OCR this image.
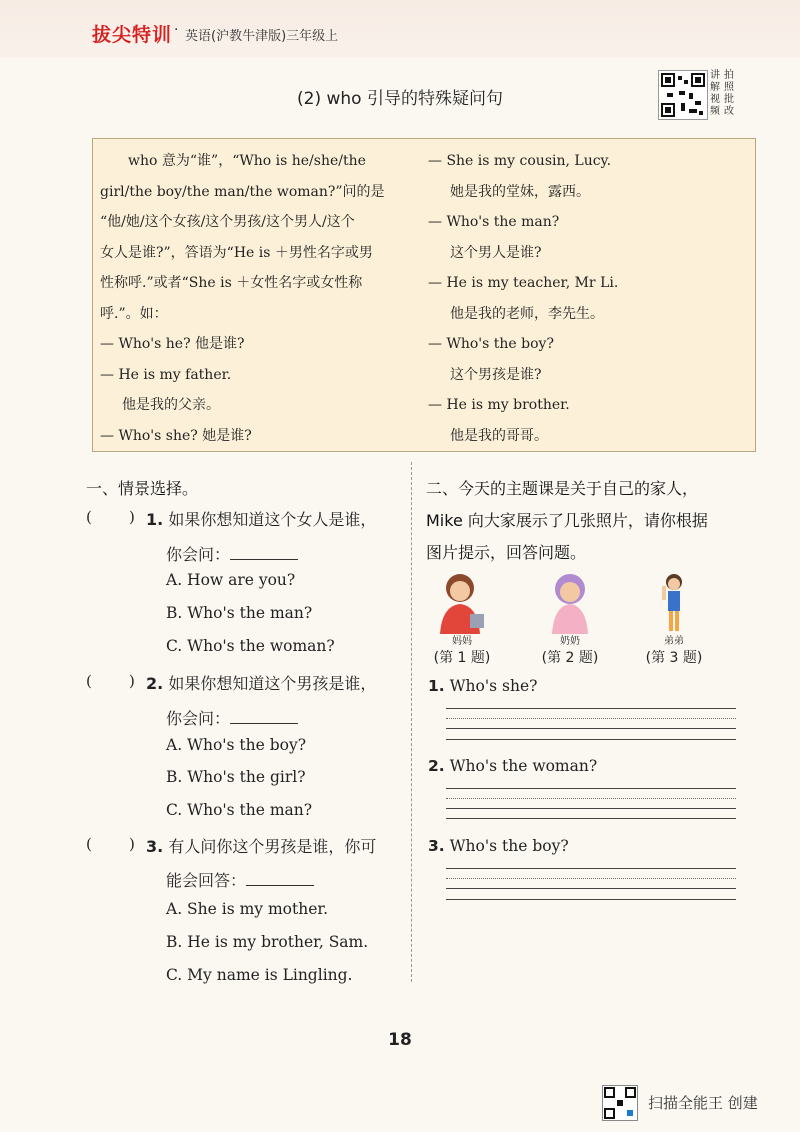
拔尖特训 · 英语(沪教牛津版)三年级上
(2) who 引导的特殊疑问句
讲
解
视
频
拍
照
批
改

who 意为“谁”，“Who is he/she/the

girl/the boy/the man/the woman?”问的是

“他/她/这个女孩/这个男孩/这个男人/这个

女人是谁?”，答语为“He is ＋男性名字或男

性称呼.”或者“She is ＋女性名字或女性称

呼.”。如：

— Who's he? 他是谁?

— He is my father.

他是我的父亲。

— Who's she? 她是谁?

— She is my cousin, Lucy.

她是我的堂妹，露西。

— Who's the man?

这个男人是谁?

— He is my teacher, Mr Li.

他是我的老师，李先生。

— Who's the boy?

这个男孩是谁?

— He is my brother.

他是我的哥哥。

一、情景选择。
( ) 1. 如果你想知道这个女人是谁，
你会问：
A. How are you?
B. Who's the man?
C. Who's the woman?
( ) 2. 如果你想知道这个男孩是谁，
你会问：
A. Who's the boy?
B. Who's the girl?
C. Who's the man?
( ) 3. 有人问你这个男孩是谁，你可
能会回答：
A. She is my mother.
B. He is my brother, Sam.
C. My name is Lingling.
二、今天的主题课是关于自己的家人，
Mike 向大家展示了几张照片，请你根据
图片提示，回答问题。
妈妈	奶奶	弟弟
(第 1 题)	(第 2 题)	(第 3 题)
1. Who's she?
2. Who's the woman?
3. Who's the boy?
18
扫描全能王 创建
